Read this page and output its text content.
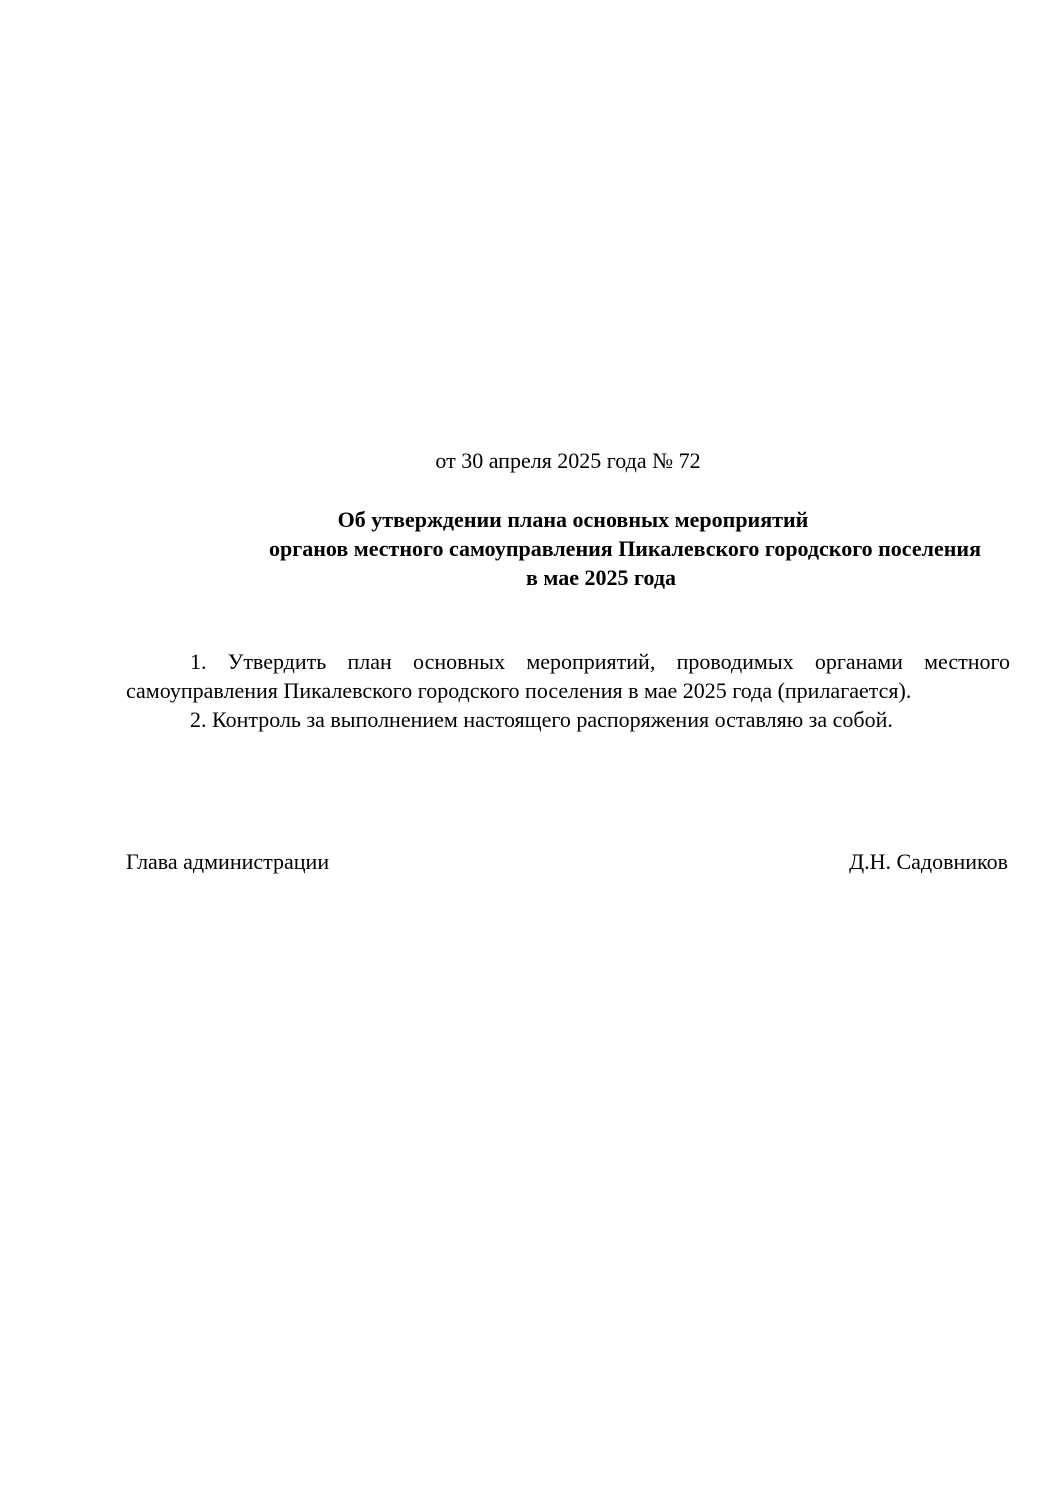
от 30 апреля 2025 года № 72
Об утверждении плана основных мероприятий
органов местного самоуправления Пикалевского городского поселения
в мае 2025 года

1. Утвердить план основных мероприятий, проводимых органами местного самоуправления Пикалевского городского поселения в мае 2025 года (прилагается).

2. Контроль за выполнением настоящего распоряжения оставляю за собой.

Глава администрации	Д.Н. Садовников
